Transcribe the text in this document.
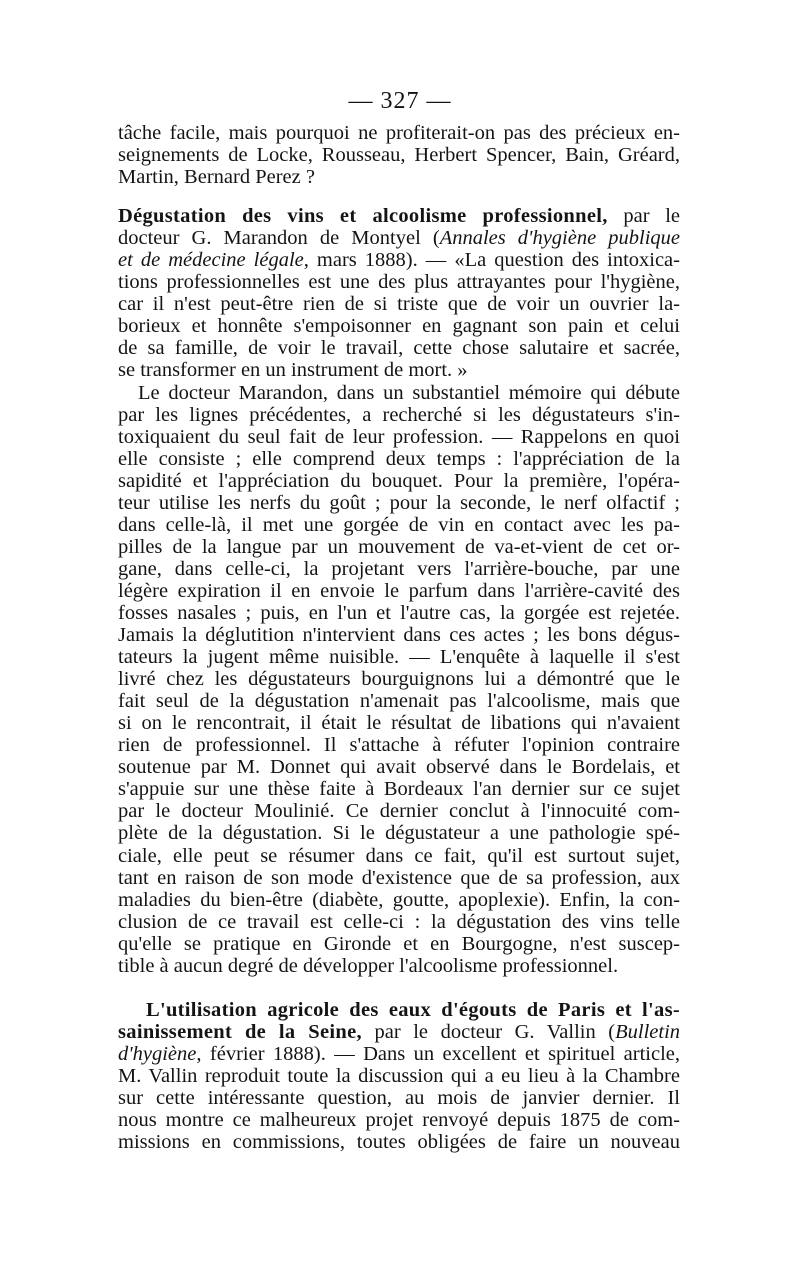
— 327 —
tâche facile, mais pourquoi ne profiterait-on pas des précieux en-
seignements de Locke, Rousseau, Herbert Spencer, Bain, Gréard,
Martin, Bernard Perez ?
Dégustation des vins et alcoolisme professionnel, par le
docteur G. Marandon de Montyel (Annales d'hygiène publique
et de médecine légale, mars 1888). — «La question des intoxica-
tions professionnelles est une des plus attrayantes pour l'hygiène,
car il n'est peut-être rien de si triste que de voir un ouvrier la-
borieux et honnête s'empoisonner en gagnant son pain et celui
de sa famille, de voir le travail, cette chose salutaire et sacrée,
se transformer en un instrument de mort. »
Le docteur Marandon, dans un substantiel mémoire qui débute
par les lignes précédentes, a recherché si les dégustateurs s'in-
toxiquaient du seul fait de leur profession. — Rappelons en quoi
elle consiste ; elle comprend deux temps : l'appréciation de la
sapidité et l'appréciation du bouquet. Pour la première, l'opéra-
teur utilise les nerfs du goût ; pour la seconde, le nerf olfactif ;
dans celle-là, il met une gorgée de vin en contact avec les pa-
pilles de la langue par un mouvement de va-et-vient de cet or-
gane, dans celle-ci, la projetant vers l'arrière-bouche, par une
légère expiration il en envoie le parfum dans l'arrière-cavité des
fosses nasales ; puis, en l'un et l'autre cas, la gorgée est rejetée.
Jamais la déglutition n'intervient dans ces actes ; les bons dégus-
tateurs la jugent même nuisible. — L'enquête à laquelle il s'est
livré chez les dégustateurs bourguignons lui a démontré que le
fait seul de la dégustation n'amenait pas l'alcoolisme, mais que
si on le rencontrait, il était le résultat de libations qui n'avaient
rien de professionnel. Il s'attache à réfuter l'opinion contraire
soutenue par M. Donnet qui avait observé dans le Bordelais, et
s'appuie sur une thèse faite à Bordeaux l'an dernier sur ce sujet
par le docteur Moulinié. Ce dernier conclut à l'innocuité com-
plète de la dégustation. Si le dégustateur a une pathologie spé-
ciale, elle peut se résumer dans ce fait, qu'il est surtout sujet,
tant en raison de son mode d'existence que de sa profession, aux
maladies du bien-être (diabète, goutte, apoplexie). Enfin, la con-
clusion de ce travail est celle-ci : la dégustation des vins telle
qu'elle se pratique en Gironde et en Bourgogne, n'est suscep-
tible à aucun degré de développer l'alcoolisme professionnel.
L'utilisation agricole des eaux d'égouts de Paris et l'as-
sainissement de la Seine, par le docteur G. Vallin (Bulletin
d'hygiène, février 1888). — Dans un excellent et spirituel article,
M. Vallin reproduit toute la discussion qui a eu lieu à la Chambre
sur cette intéressante question, au mois de janvier dernier. Il
nous montre ce malheureux projet renvoyé depuis 1875 de com-
missions en commissions, toutes obligées de faire un nouveau
